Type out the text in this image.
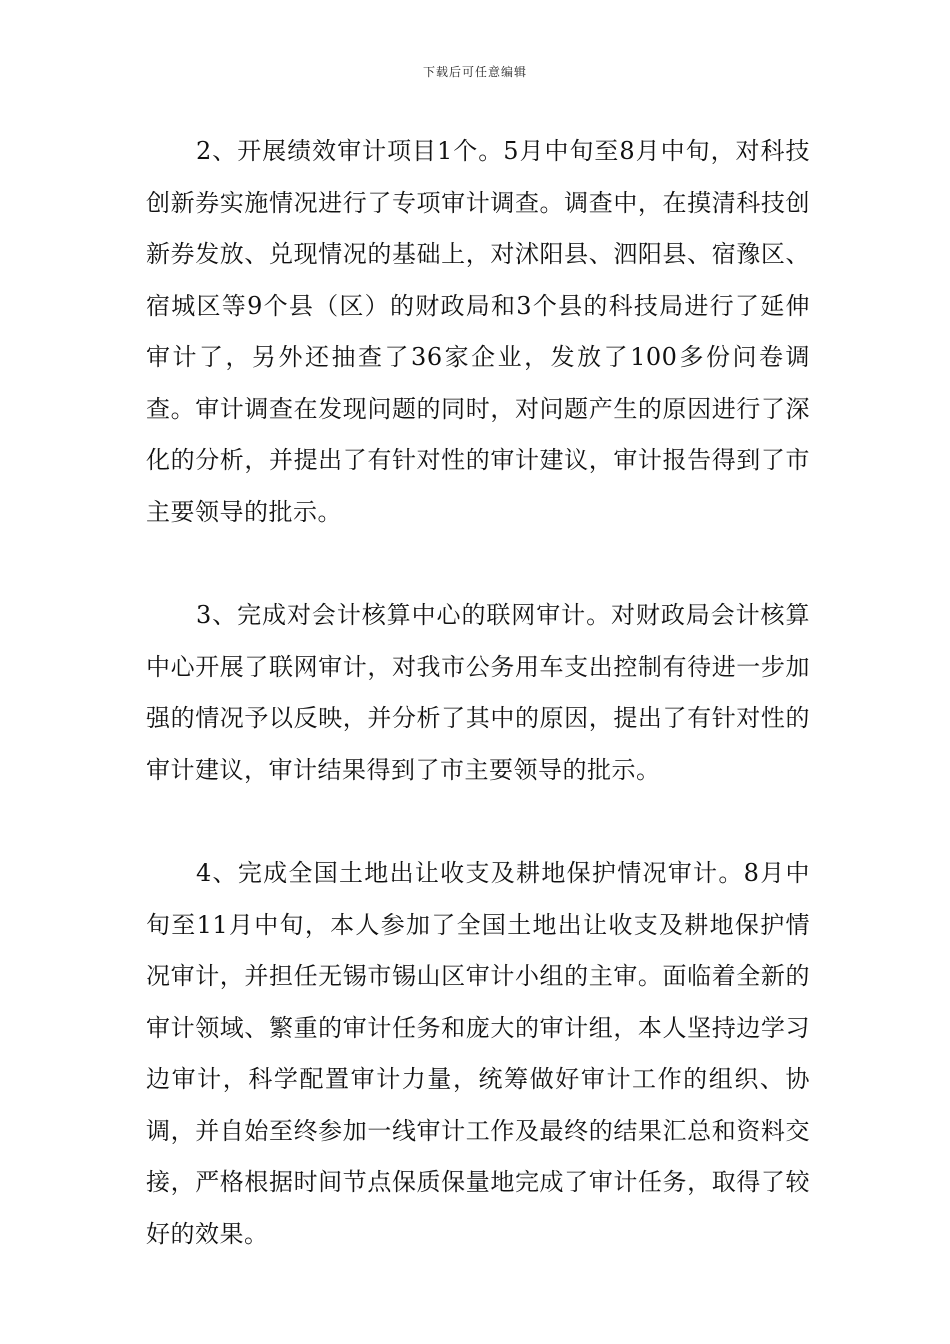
下载后可任意编辑

2、开展绩效审计项目1个。5月中旬至8月中旬，对科技创新券实施情况进行了专项审计调查。调查中，在摸清科技创新券发放、兑现情况的基础上，对沭阳县、泗阳县、宿豫区、宿城区等9个县（区）的财政局和3个县的科技局进行了延伸审计了，另外还抽查了36家企业，发放了100多份问卷调查。审计调查在发现问题的同时，对问题产生的原因进行了深化的分析，并提出了有针对性的审计建议，审计报告得到了市主要领导的批示。

3、完成对会计核算中心的联网审计。对财政局会计核算中心开展了联网审计，对我市公务用车支出控制有待进一步加强的情况予以反映，并分析了其中的原因，提出了有针对性的审计建议，审计结果得到了市主要领导的批示。

4、完成全国土地出让收支及耕地保护情况审计。8月中旬至11月中旬，本人参加了全国土地出让收支及耕地保护情况审计，并担任无锡市锡山区审计小组的主审。面临着全新的审计领域、繁重的审计任务和庞大的审计组，本人坚持边学习边审计，科学配置审计力量，统筹做好审计工作的组织、协调，并自始至终参加一线审计工作及最终的结果汇总和资料交接，严格根据时间节点保质保量地完成了审计任务，取得了较好的效果。
